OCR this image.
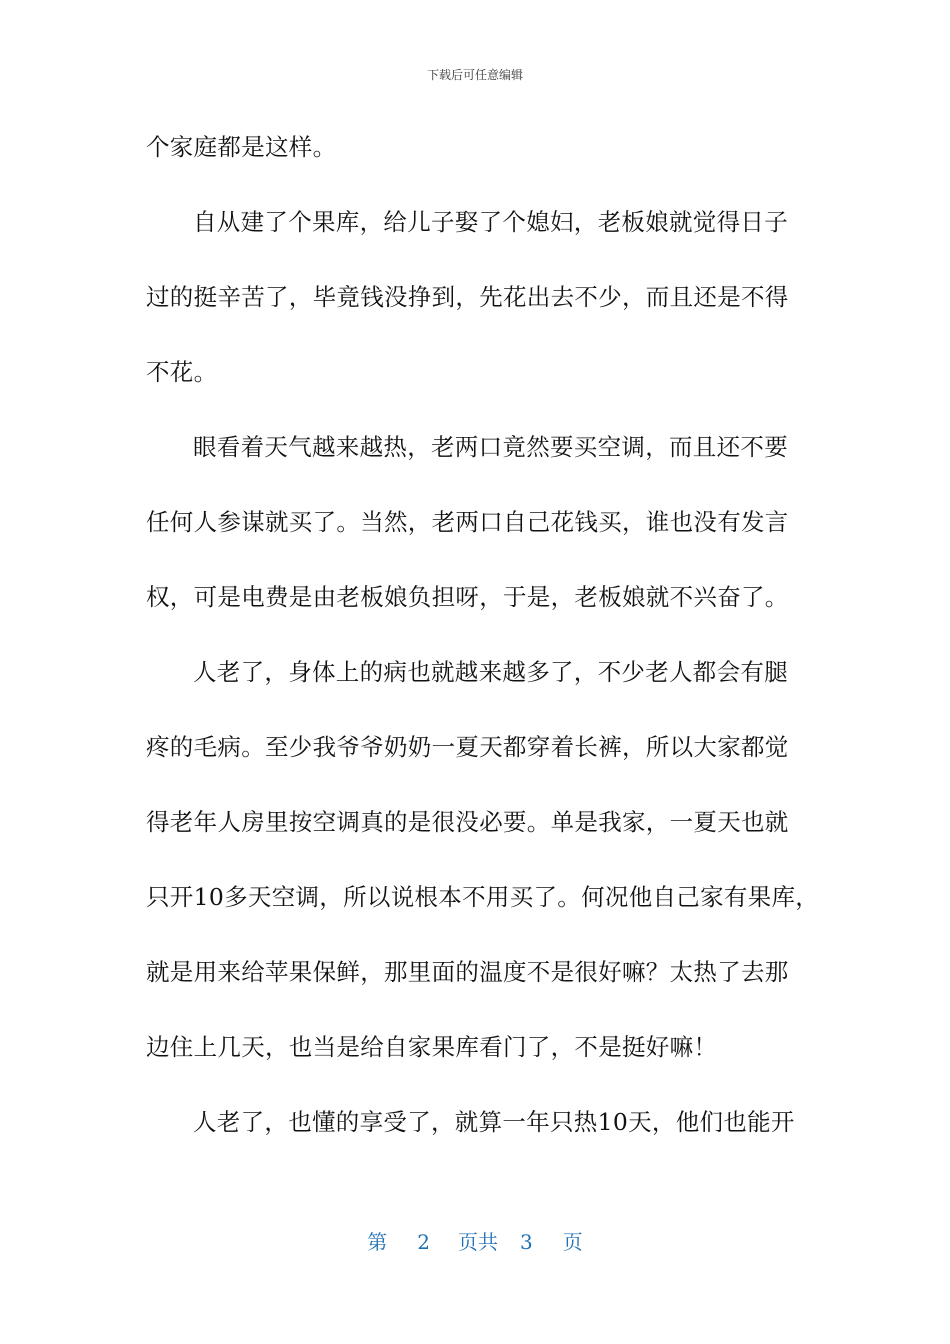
下载后可任意编辑
个家庭都是这样。
自从建了个果库，给儿子娶了个媳妇，老板娘就觉得日子
过的挺辛苦了，毕竟钱没挣到，先花出去不少，而且还是不得
不花。
眼看着天气越来越热，老两口竟然要买空调，而且还不要
任何人参谋就买了。当然，老两口自己花钱买，谁也没有发言
权，可是电费是由老板娘负担呀，于是，老板娘就不兴奋了。
人老了，身体上的病也就越来越多了，不少老人都会有腿
疼的毛病。至少我爷爷奶奶一夏天都穿着长裤，所以大家都觉
得老年人房里按空调真的是很没必要。单是我家，一夏天也就
只开10多天空调，所以说根本不用买了。何况他自己家有果库，
就是用来给苹果保鲜，那里面的温度不是很好嘛？太热了去那
边住上几天，也当是给自家果库看门了，不是挺好嘛！
人老了，也懂的享受了，就算一年只热10天，他们也能开
第 2 页共 3 页
